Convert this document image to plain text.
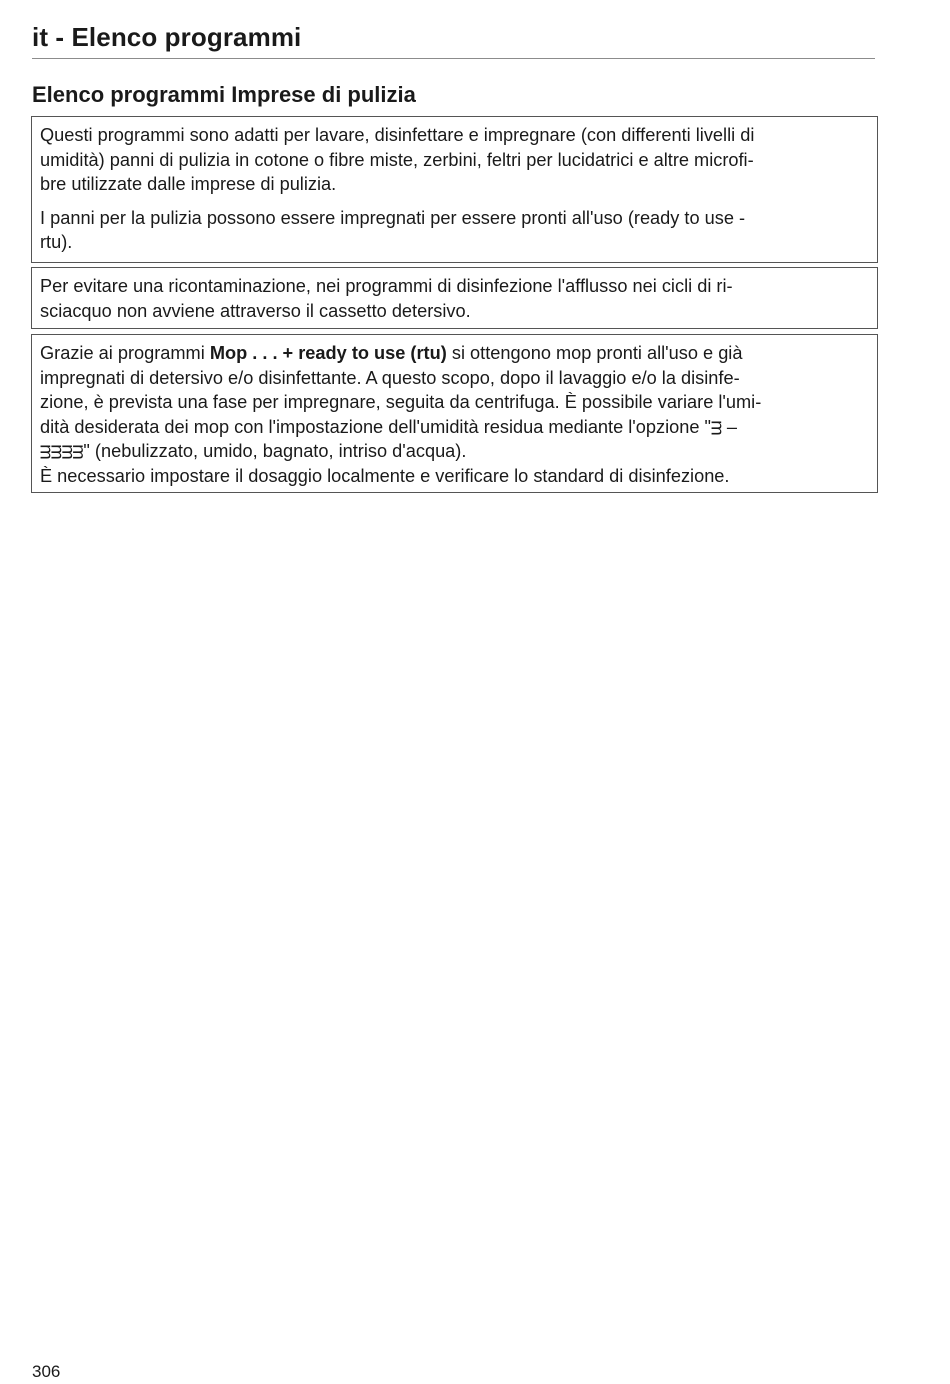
it - Elenco programmi
Elenco programmi Imprese di pulizia

Questi programmi sono adatti per lavare, disinfettare e impregnare (con differenti livelli di
umidità) panni di pulizia in cotone o fibre miste, zerbini, feltri per lucidatrici e altre microfi-
bre utilizzate dalle imprese di pulizia.

I panni per la pulizia possono essere impregnati per essere pronti all'uso (ready to use -
rtu).

Per evitare una ricontaminazione, nei programmi di disinfezione l'afflusso nei cicli di ri-
sciacquo non avviene attraverso il cassetto detersivo.

Grazie ai programmi Mop . . . + ready to use (rtu) si ottengono mop pronti all'uso e già
impregnati di detersivo e/o disinfettante. A questo scopo, dopo il lavaggio e/o la disinfe-
zione, è prevista una fase per impregnare, seguita da centrifuga. È possibile variare l'umi-
dità desiderata dei mop con l'impostazione dell'umidità residua mediante l'opzione "ᴟ –
ᴟᴟᴟᴟ" (nebulizzato, umido, bagnato, intriso d'acqua).
È necessario impostare il dosaggio localmente e verificare lo standard di disinfezione.

306
